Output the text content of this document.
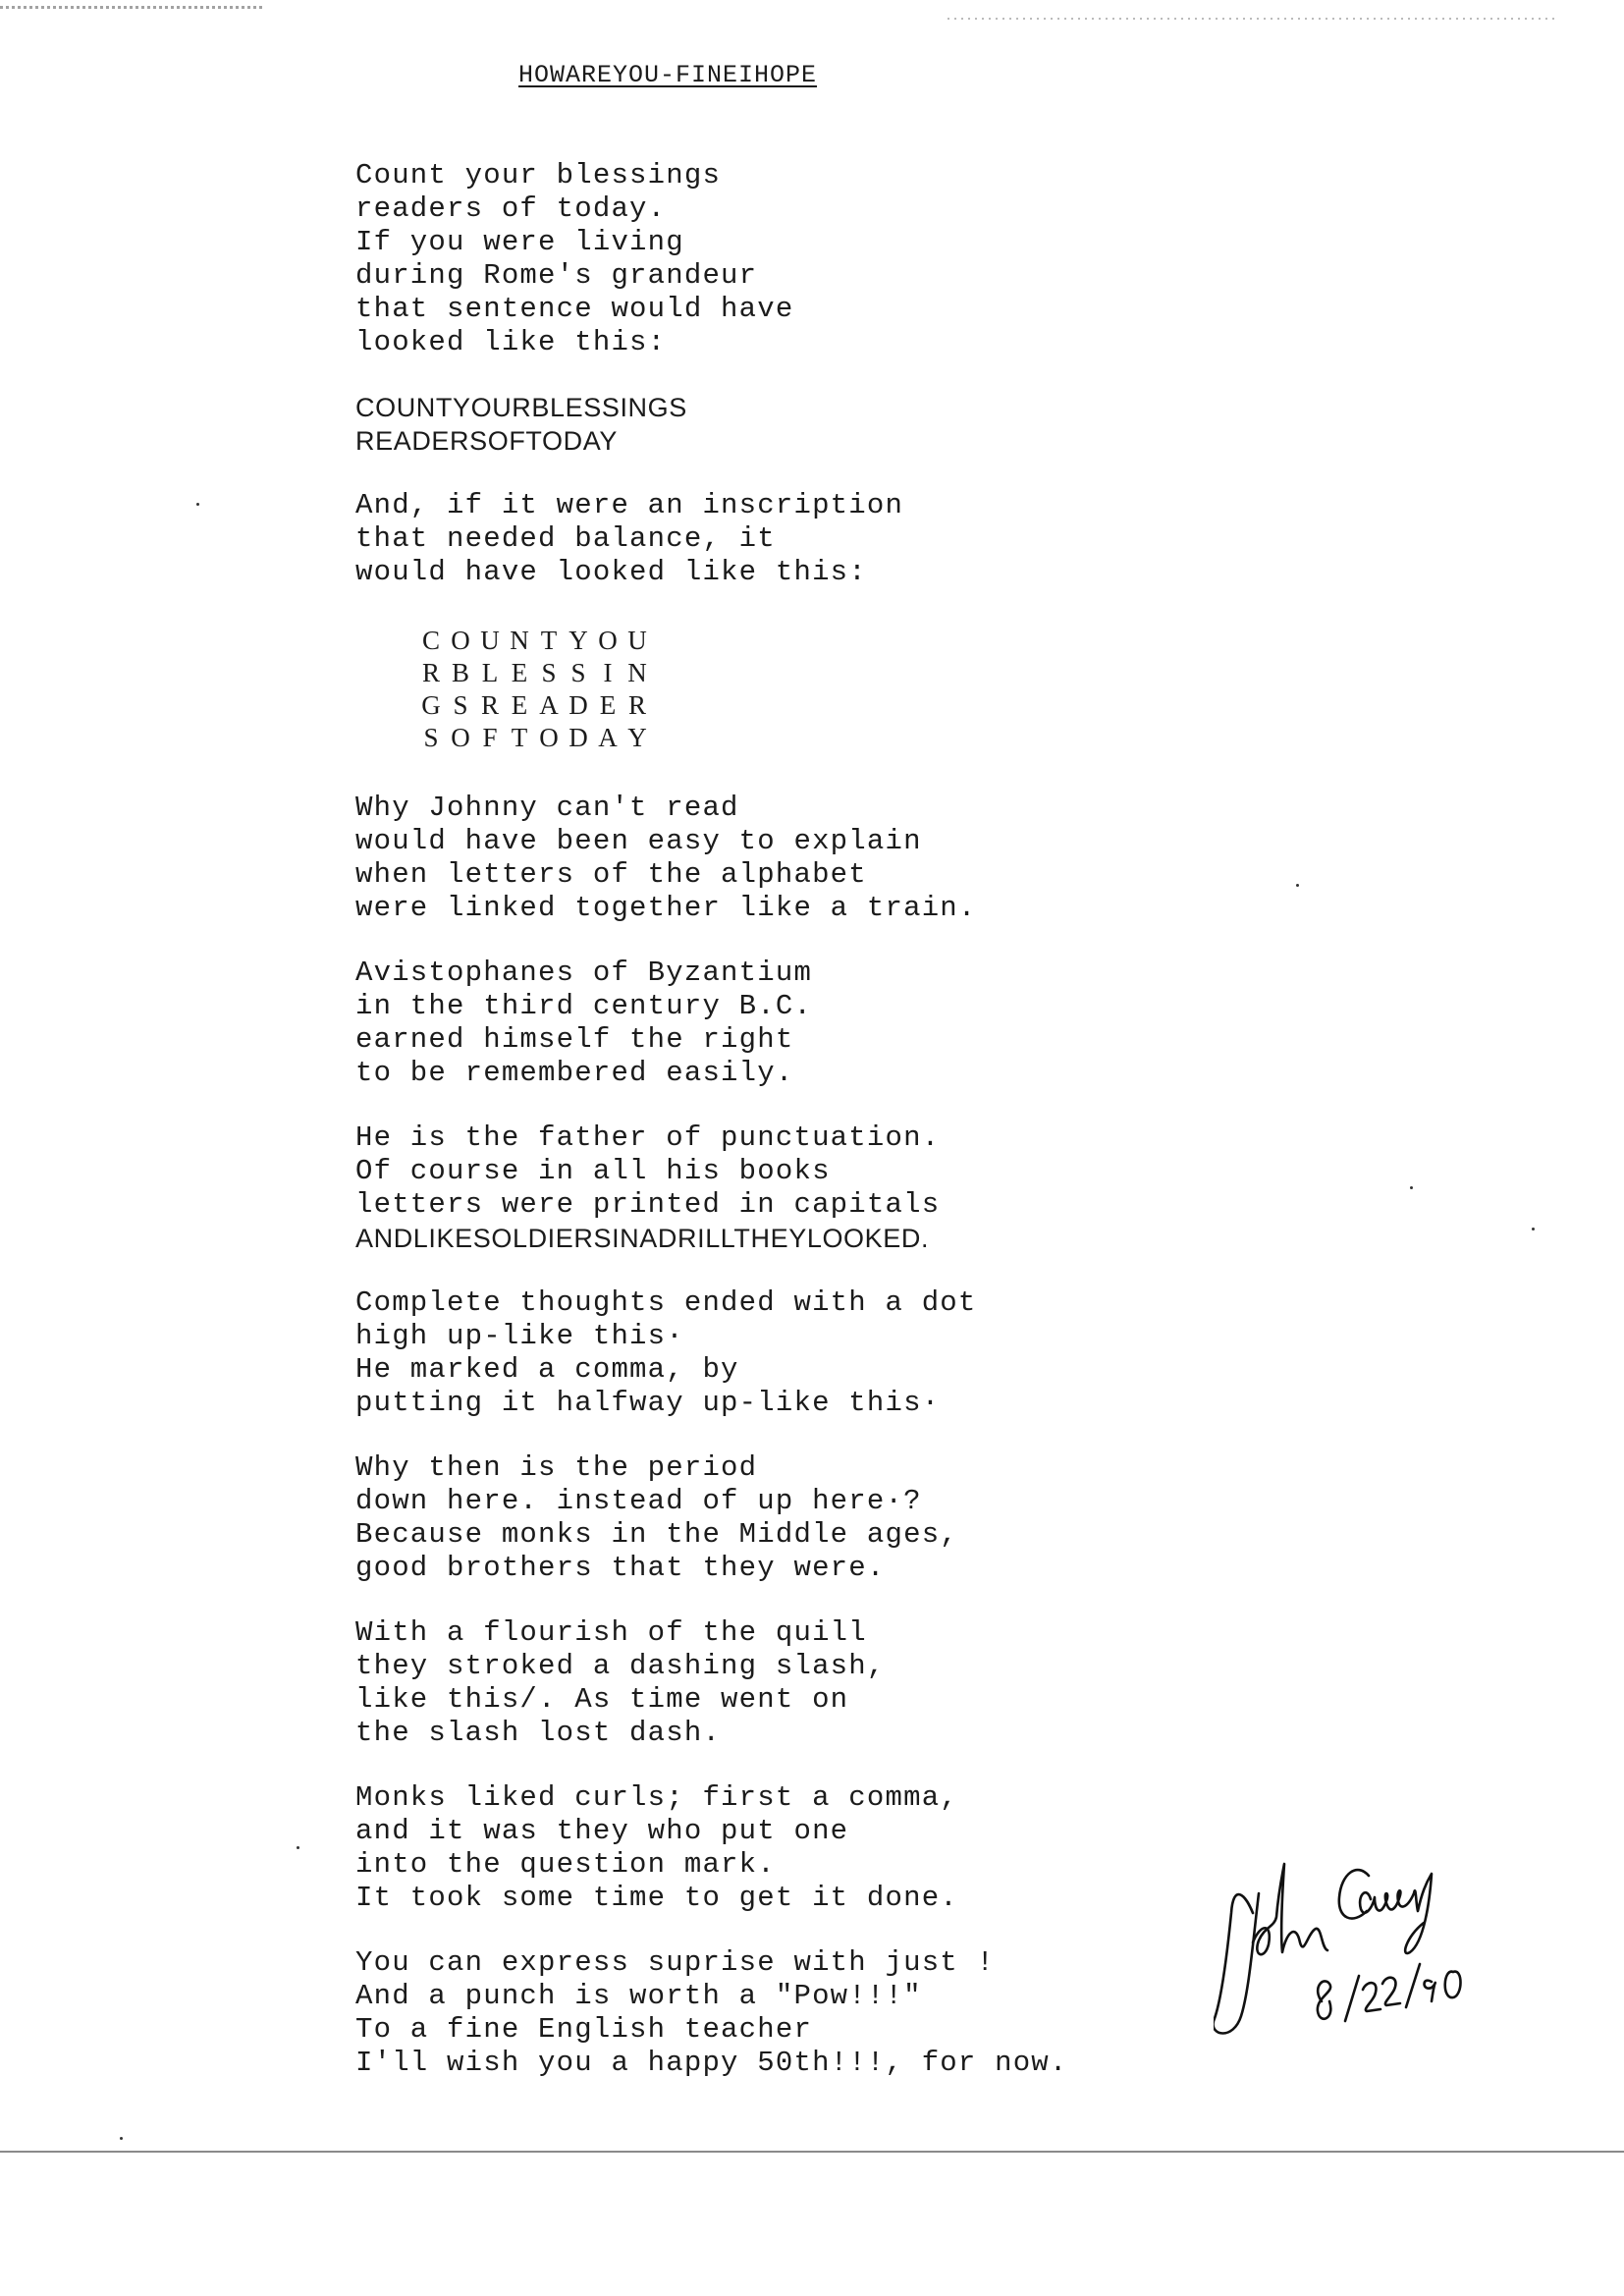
HOWAREYOU-FINEIHOPE
Count your blessings
readers of today.
If you were living
during Rome's grandeur
that sentence would have
looked like this:
COUNTYOURBLESSINGS
READERSOFTODAY
And, if it were an inscription
that needed balance, it
would have looked like this:
C O U N T Y O U
R B L E S S I N
G S R E A D E R
S O F T O D A Y
Why Johnny can't read
would have been easy to explain
when letters of the alphabet
were linked together like a train.
Avistophanes of Byzantium
in the third century B.C.
earned himself the right
to be remembered easily.
He is the father of punctuation.
Of course in all his books
letters were printed in capitals
ANDLIKESOLDIERSINADRILLTHEYLOOKED.
Complete thoughts ended with a dot
high up-like this·
He marked a comma, by
putting it halfway up-like this·
Why then is the period
down here. instead of up here·?
Because monks in the Middle ages,
good brothers that they were.
With a flourish of the quill
they stroked a dashing slash,
like this/. As time went on
the slash lost dash.
Monks liked curls; first a comma,
and it was they who put one
into the question mark.
It took some time to get it done.
You can express suprise with just !
And a punch is worth a "Pow!!!"
To a fine English teacher
I'll wish you a happy 50th!!!, for now.
